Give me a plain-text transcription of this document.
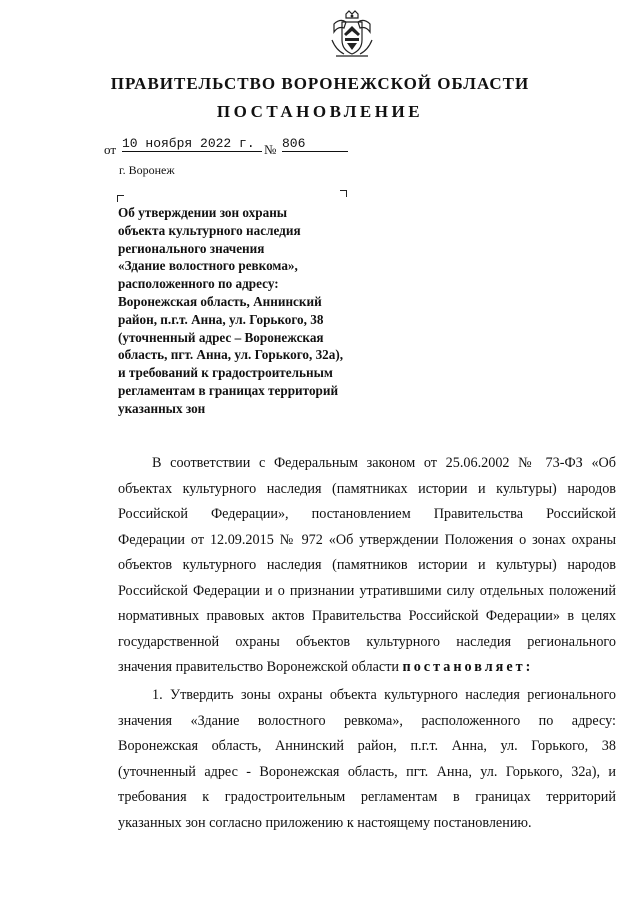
ПРАВИТЕЛЬСТВО ВОРОНЕЖСКОЙ ОБЛАСТИ
ПОСТАНОВЛЕНИЕ
от 10 ноября 2022 г. № 806
г. Воронеж
Об утверждении зон охраны
объекта культурного наследия
регионального значения
«Здание волостного ревкома»,
расположенного по адресу:
Воронежская область, Аннинский
район, п.г.т. Анна, ул. Горького, 38
(уточненный адрес – Воронежская
область, пгт. Анна, ул. Горького, 32а),
и требований к градостроительным
регламентам в границах территорий
указанных зон
В соответствии с Федеральным законом от 25.06.2002 № 73-ФЗ «Об
объектах культурного наследия (памятниках истории и культуры) народов
Российской Федерации», постановлением Правительства Российской
Федерации от 12.09.2015 № 972 «Об утверждении Положения о зонах охраны
объектов культурного наследия (памятников истории и культуры) народов
Российской Федерации и о признании утратившими силу отдельных положений
нормативных правовых актов Правительства Российской Федерации» в целях
государственной охраны объектов культурного наследия регионального
значения правительство Воронежской области постановляет:
1. Утвердить зоны охраны объекта культурного наследия регионального
значения «Здание волостного ревкома», расположенного по адресу:
Воронежская область, Аннинский район, п.г.т. Анна, ул. Горького, 38
(уточненный адрес - Воронежская область, пгт. Анна, ул. Горького, 32а), и
требования к градостроительным регламентам в границах территорий
указанных зон согласно приложению к настоящему постановлению.
